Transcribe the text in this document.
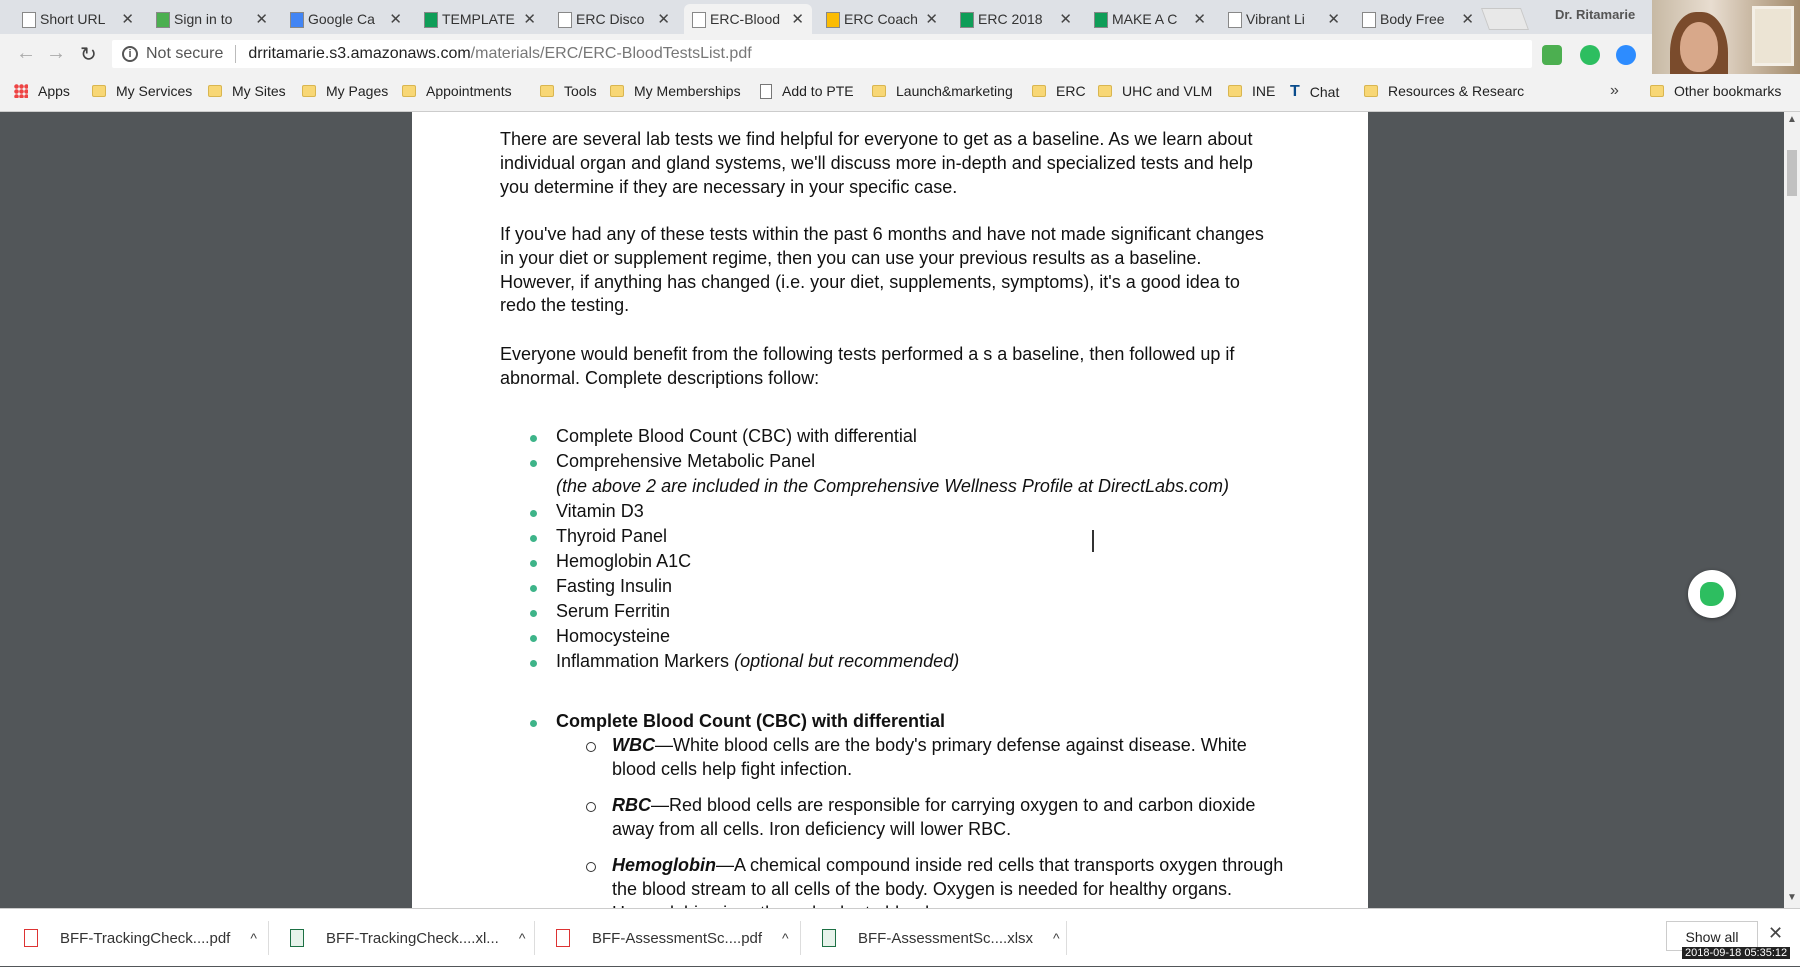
Short URL	✕	Sign in to	✕	Google Ca ✕	TEMPLATE ✕	ERC Disco ✕	ERC-Blood ✕	ERC Coach ✕	ERC 2018	✕	MAKE A C	✕	Vibrant Li	✕	Body Free	✕	Dr. Ritamarie
← → ↻	i Not secure drritamarie.s3.amazonaws.com /materials/ERC/ERC-BloodTestsList.pdf
Apps	My Services	My Sites	My Pages	Appointments	Tools	My Memberships	Add to PTE	Launch&marketing	ERC	UHC and VLM	INE T Chat	Resources & Researc	»	Other bookmarks
There are several lab tests we find helpful for everyone to get as a baseline. As we learn about individual organ and gland systems, we'll discuss more in-depth and specialized tests and help you determine if they are necessary in your specific case.
If you've had any of these tests within the past 6 months and have not made significant changes in your diet or supplement regime, then you can use your previous results as a baseline. However, if anything has changed (i.e. your diet, supplements, symptoms), it's a good idea to redo the testing.
Everyone would benefit from the following tests performed a s a baseline, then followed up if abnormal. Complete descriptions follow:
Complete Blood Count (CBC) with differential
Comprehensive Metabolic Panel
(the above 2 are included in the Comprehensive Wellness Profile at DirectLabs.com)
Vitamin D3
Thyroid Panel
Hemoglobin A1C
Fasting Insulin
Serum Ferritin
Homocysteine
Inflammation Markers (optional but recommended)
Complete Blood Count (CBC) with differential
WBC—White blood cells are the body's primary defense against disease. White blood cells help fight infection.
RBC—Red blood cells are responsible for carrying oxygen to and carbon dioxide away from all cells. Iron deficiency will lower RBC.
Hemoglobin—A chemical compound inside red cells that transports oxygen through the blood stream to all cells of the body. Oxygen is needed for healthy organs.
▲
▼
BFF-TrackingCheck....pdf ^	BFF-TrackingCheck....xl... ^	BFF-AssessmentSc....pdf ^	BFF-AssessmentSc....xlsx ^	Show all	✕
2018-09-18 05:35:12
